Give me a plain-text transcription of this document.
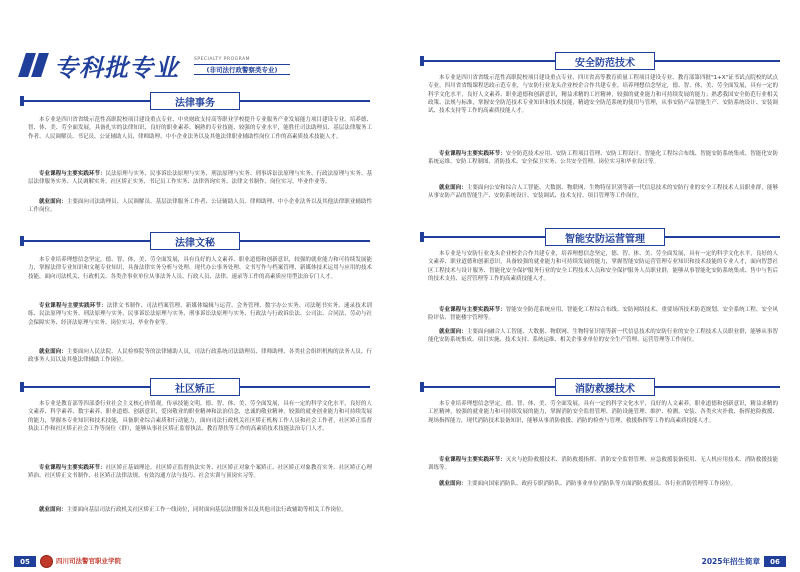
专科批专业	SPECIALTY PROGRAM
(非司法行政警察类专业)
法律事务
本专业是四川省省级示范性高职院校项目建设重点专业、中央财政支持高等职业学校提升专业服务产业发展能力项目建设专业。培养德、智、体、美、劳全面发展，具备扎实的法律知识、良好的职业素养、娴熟的专业技能、较强的专业水平，能胜任司法助理员、基层法律服务工作者、人民调解员、书记员、公证辅助人员、律师助理、中小企业法务以及其他法律职业辅助性岗位工作的高素质技术技能人才。
专业课程与主要实践环节：民法原理与实务、民事诉讼法原理与实务、刑法原理与实务、刑事诉讼法原理与实务、行政法原理与实务、基层法律服务实务、人民调解实务、社区矫正实务、书记员工作实务、法律咨询实务、法律文书制作、岗位实习、毕业作业等。
就业面向：主要面向司法助理员、人民调解员、基层法律服务工作者、公证辅助人员、律师助理、中小企业法务以及其他法律职业辅助性工作岗位。
法律文秘
本专业培养理想信念坚定，德、智、体、美、劳全面发展，具有良好的人文素养、职业道德和创新意识，较强的就业能力和可持续发展能力，掌握法律专业知识和文秘专业知识，具备法律实务分析与处理、现代办公事务处理、文书写作与档案管理、新媒体技术运用与应用的技术技能，面向司法机关、行政机关、各类企事业单位从事法务人员、行政人员、法律、速录等工作的高素质应用型法治专门人才。
专业课程与主要实践环节：法律文书制作、司法档案管理、新媒体编辑与运营、会务管理、数字办公实务、司法秘书实务、速录技术训练、民法原理与实务、刑法原理与实务、民事诉讼法原理与实务、刑事诉讼法原理与实务、行政法与行政诉讼法、公司法、合同法、劳动与社会保障实务、经济法原理与实务、岗位实习、毕业作业等。
就业面向：主要面向人民法院、人民检察院等的法律辅助人员，司法行政系统司法助理员、律师助理、各类社会组织机构的法务人员、行政事务人员以及其他法律辅助工作岗位。
社区矫正
本专业是教育部等四部委行业社会主义核心价值观，传承技能文明，德、智、体、美、劳全面发展，具有一定的科学文化水平，良好的人文素养、科学素养、数字素养、职业道德、创新意识，爱岗敬业的职业精神和法治信念，忠诚的敬业精神，较强的就业创业能力和可持续发展的能力，掌握本专业知识和技术技能，具备职业综合素质和行动能力，面向司法行政机关社区矫正机构工作人员和社会工作者，社区矫正监督执法工作和社区矫正社会工作等岗位（群），能够从事社区矫正监督执法、教育帮扶等工作的高素质技术技能法治专门人才。
专业课程与主要实践环节：社区矫正基础理论、社区矫正监督执法实务、社区矫正对象个案矫正、社区矫正对象教育实务、社区矫正心理矫治、社区矫正文书制作、社区矫正法律法规、有效沟通方法与技巧、社会实训与顶岗实习等。
就业面向：主要面向基层司法行政机关社区矫正工作一线岗位，同时面向基层法律服务以及其他司法行政辅助等相关工作岗位。
05	四川司法警官职业学院
安全防范技术
本专业是四川省省级示范性高职院校项目建设重点专业、四川省高等教育质量工程项目建设专业、教育部第四批"1+X"证书试点院校的试点专业，四川省省级课程思政示范专业，与安防行业龙头企业校企合作共建专业。培养理想信念坚定，德、智、体、美、劳全面发展，具有一定的科学文化水平，良好人文素养、职业道德和创新意识，精益求精的工匠精神，较强的就业能力和可持续发展的能力；熟悉我国安全防范行业相关政策、法规与标准，掌握安全防范技术专业知识和技术技能，精通安全防范系统的使用与管理，从事安防产品智能生产、安防系统设计、安装调试、技术支持等工作的高素质技能人才。
专业课程与主要实践环节：安全防范技术应用、安防工程项目管理、安防工程设计、智能化工程综合布线、智能安防系统集成、智能化安防系统运维、安防工程制图、消防技术、安全保卫实务、公共安全管理、岗位实习和毕业设计等。
就业面向：主要面向公安和综合人工智能、大数据、物联网、生物特征识别等新一代信息技术的安防行业的安全工程技术人员职业群，能够从事安防产品的智能生产、安防系统设计、安装调试、技术支持、项目管理等工作岗位。
智能安防运营管理
本专业是与安防行业龙头企业校企合作共建专业，培养理想信念坚定，德、智、体、美、劳全面发展，具有一定的科学文化水平，良好的人文素养、职业道德和创新意识，具备较强的就业能力和可持续发展的能力，掌握智能安防运营管理专业知识和技术技能的专业人才，面向智慧社区工程技术与设计服务、智能化安全保护服务行业的安全工程技术人员和安全保护服务人员职业群，能够从事智能化安防系统集成、售中与售后的技术支持、运营管理等工作的高素质技能人才。
专业课程与主要实践环节：智能安全防范系统应用、智能化工程综合布线、安防网络技术、重要场所技术防范规划、安全系统工程、安全风险评估、智能楼宇管理等。
就业面向：主要面向融合人工智能、大数据、物联网、生物特征识别等新一代信息技术的安防行业的安全工程技术人员职业群，能够从事智能化安防系统集成、项目实施、技术支持、系统运维、相关企事业单位的安全生产管理、运营管理等工作岗位。
消防救援技术
本专业培养理想信念坚定，德、智、体、美、劳全面发展，具有一定的科学文化水平，良好的人文素养，职业道德和创新意识，精益求精的工匠精神，较强的就业能力和可持续发展的能力，掌握消防安全监督管理、消防设施管理、维护、检测、安装、各类火灾扑救、指挥抢险救援、现场指挥能力，现代消防技术装备知识，能够从事消防救援、消防的检查与管理、救援指挥等工作的高素质技能人才。
专业课程与主要实践环节：灭火与抢险救援技术、消防救援指挥、消防安全监督管理、应急救援装备使用、无人机应用技术、消防救援技能训练等。
就业面向：主要面向国家消防队、政府专职消防队、消防事业单位消防队等方面消防救援员、各行业消防管理等工作岗位。
2025年招生简章	06
